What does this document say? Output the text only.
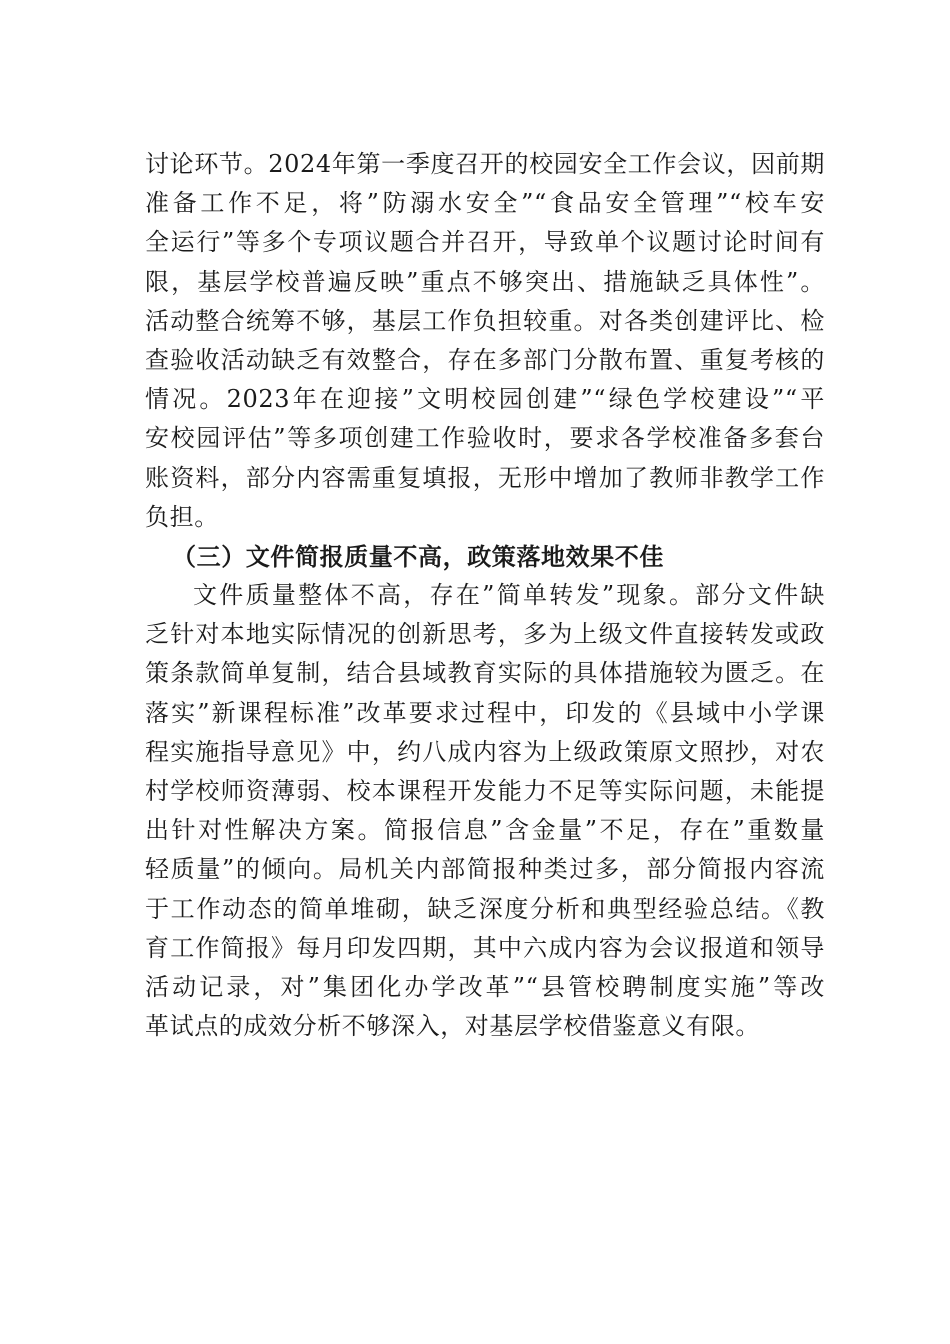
讨论环节。2024年第一季度召开的校园安全工作会议，因前期
准备工作不足，将”防溺水安全”“食品安全管理”“校车安
全运行”等多个专项议题合并召开，导致单个议题讨论时间有
限，基层学校普遍反映”重点不够突出、措施缺乏具体性”。
活动整合统筹不够，基层工作负担较重。对各类创建评比、检
查验收活动缺乏有效整合，存在多部门分散布置、重复考核的
情况。2023年在迎接”文明校园创建”“绿色学校建设”“平
安校园评估”等多项创建工作验收时，要求各学校准备多套台
账资料，部分内容需重复填报，无形中增加了教师非教学工作
负担。
（三）文件简报质量不高，政策落地效果不佳
文件质量整体不高，存在”简单转发”现象。部分文件缺
乏针对本地实际情况的创新思考，多为上级文件直接转发或政
策条款简单复制，结合县域教育实际的具体措施较为匮乏。在
落实”新课程标准”改革要求过程中，印发的《县域中小学课
程实施指导意见》中，约八成内容为上级政策原文照抄，对农
村学校师资薄弱、校本课程开发能力不足等实际问题，未能提
出针对性解决方案。简报信息”含金量”不足，存在”重数量
轻质量”的倾向。局机关内部简报种类过多，部分简报内容流
于工作动态的简单堆砌，缺乏深度分析和典型经验总结。《教
育工作简报》每月印发四期，其中六成内容为会议报道和领导
活动记录，对”集团化办学改革”“县管校聘制度实施”等改
革试点的成效分析不够深入，对基层学校借鉴意义有限。
